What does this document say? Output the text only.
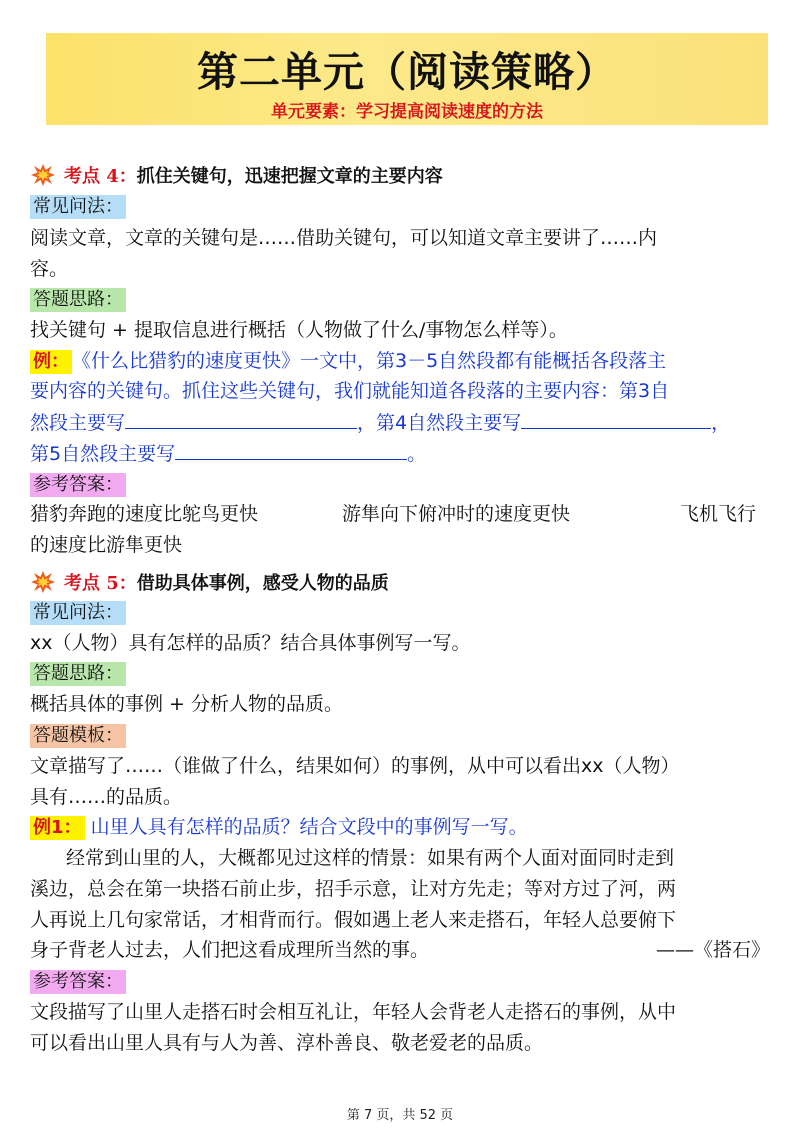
第二单元（阅读策略）
单元要素：学习提高阅读速度的方法
考点 4：抓住关键句，迅速把握文章的主要内容
常见问法：
阅读文章，文章的关键句是……借助关键句，可以知道文章主要讲了……内
容。
答题思路：
找关键句 + 提取信息进行概括（人物做了什么/事物怎么样等）。
例： 《什么比猎豹的速度更快》一文中，第3－5自然段都有能概括各段落主
要内容的关键句。抓住这些关键句，我们就能知道各段落的主要内容：第3自
然段主要写	，第4自然段主要写	，
第5自然段主要写	。
参考答案：
猎豹奔跑的速度比鸵鸟更快	游隼向下俯冲时的速度更快	飞机飞行
的速度比游隼更快
考点 5：借助具体事例，感受人物的品质
常见问法：
xx（人物）具有怎样的品质？结合具体事例写一写。
答题思路：
概括具体的事例 + 分析人物的品质。
答题模板：
文章描写了……（谁做了什么，结果如何）的事例，从中可以看出xx（人物）
具有……的品质。
例1： 山里人具有怎样的品质？结合文段中的事例写一写。
经常到山里的人，大概都见过这样的情景：如果有两个人面对面同时走到
溪边，总会在第一块搭石前止步，招手示意，让对方先走；等对方过了河，两
人再说上几句家常话，才相背而行。假如遇上老人来走搭石，年轻人总要俯下
身子背老人过去，人们把这看成理所当然的事。	——《搭石》
参考答案：
文段描写了山里人走搭石时会相互礼让，年轻人会背老人走搭石的事例，从中
可以看出山里人具有与人为善、淳朴善良、敬老爱老的品质。
第 7 页，共 52 页
